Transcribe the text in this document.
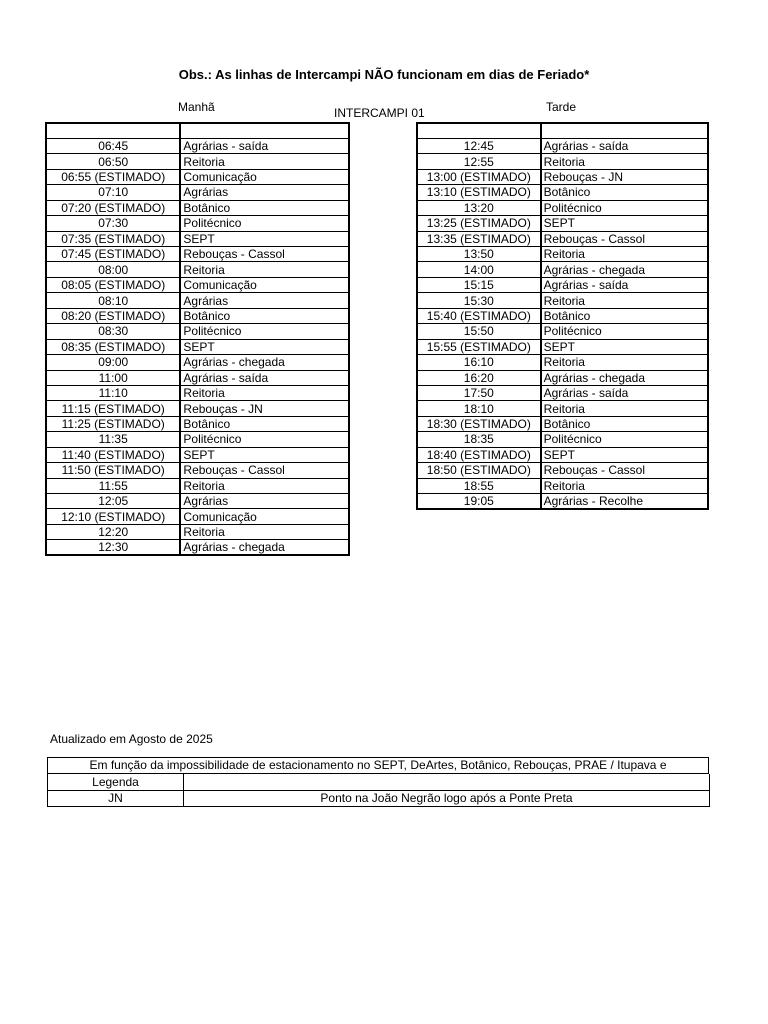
Obs.: As linhas de Intercampi NÃO funcionam em dias de Feriado*
Manhã	INTERCAMPI 01	Tarde

06:45	Agrárias - saída
06:50	Reitoria
06:55 (ESTIMADO)	Comunicação
07:10	Agrárias
07:20 (ESTIMADO)	Botânico
07:30	Politécnico
07:35 (ESTIMADO)	SEPT
07:45 (ESTIMADO)	Rebouças - Cassol
08:00	Reitoria
08:05 (ESTIMADO)	Comunicação
08:10	Agrárias
08:20 (ESTIMADO)	Botânico
08:30	Politécnico
08:35 (ESTIMADO)	SEPT
09:00	Agrárias - chegada
11:00	Agrárias - saída
11:10	Reitoria
11:15 (ESTIMADO)	Rebouças - JN
11:25 (ESTIMADO)	Botânico
11:35	Politécnico
11:40 (ESTIMADO)	SEPT
11:50 (ESTIMADO)	Rebouças - Cassol
11:55	Reitoria
12:05	Agrárias
12:10 (ESTIMADO)	Comunicação
12:20	Reitoria
12:30	Agrárias - chegada

12:45	Agrárias - saída
12:55	Reitoria
13:00 (ESTIMADO)	Rebouças - JN
13:10 (ESTIMADO)	Botânico
13:20	Politécnico
13:25 (ESTIMADO)	SEPT
13:35 (ESTIMADO)	Rebouças - Cassol
13:50	Reitoria
14:00	Agrárias - chegada
15:15	Agrárias - saída
15:30	Reitoria
15:40 (ESTIMADO)	Botânico
15:50	Politécnico
15:55 (ESTIMADO)	SEPT
16:10	Reitoria
16:20	Agrárias - chegada
17:50	Agrárias - saída
18:10	Reitoria
18:30 (ESTIMADO)	Botânico
18:35	Politécnico
18:40 (ESTIMADO)	SEPT
18:50 (ESTIMADO)	Rebouças - Cassol
18:55	Reitoria
19:05	Agrárias - Recolhe
Atualizado em Agosto de 2025
Em função da impossibilidade de estacionamento no SEPT, DeArtes, Botânico, Rebouças, PRAE / Itupava e
Legenda	
JN	Ponto na João Negrão logo após a Ponte Preta
